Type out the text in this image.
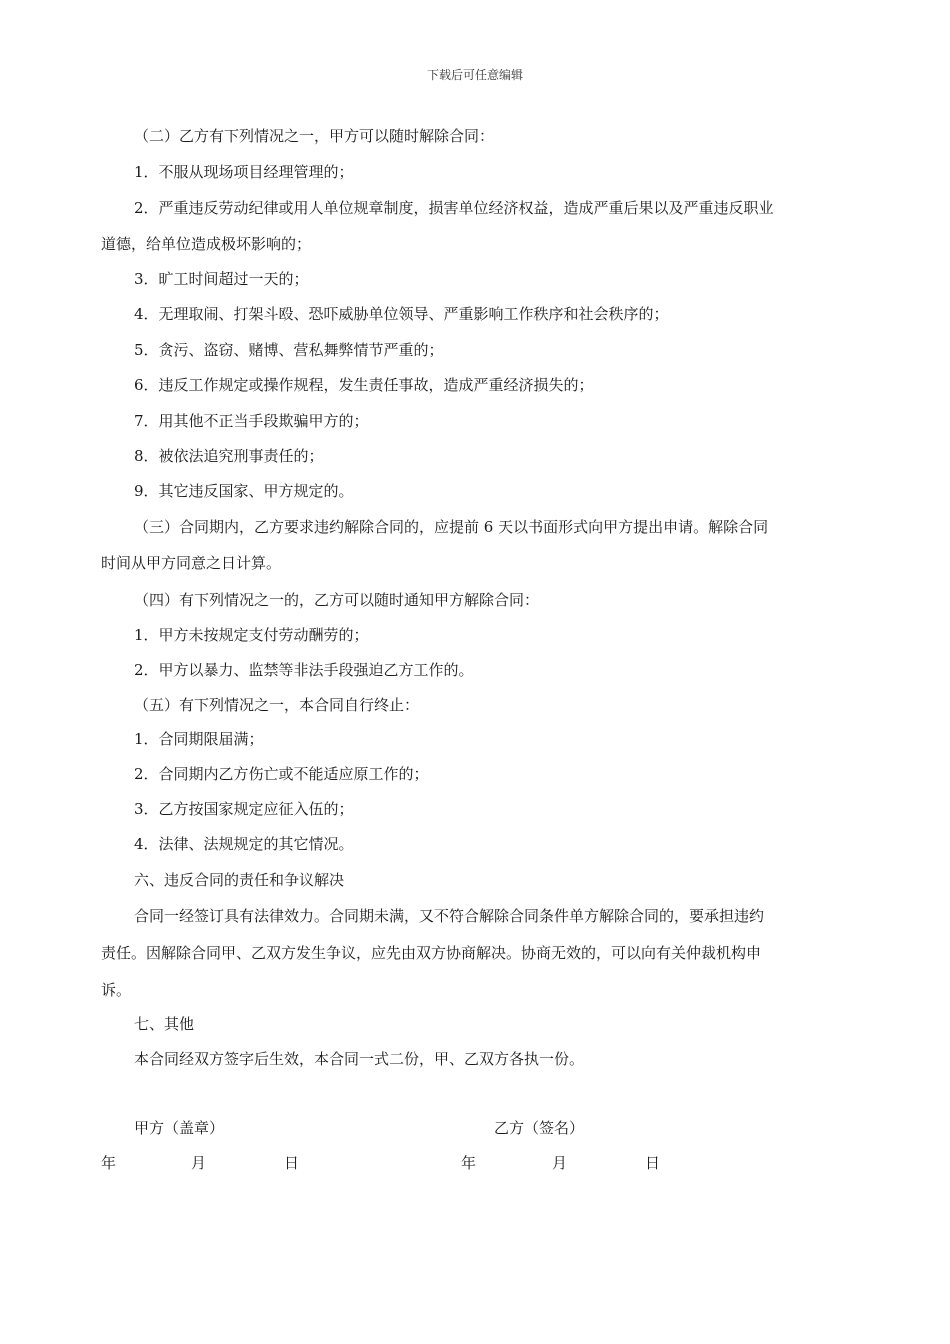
下载后可任意编辑
（二）乙方有下列情况之一，甲方可以随时解除合同：
1．不服从现场项目经理管理的；
2．严重违反劳动纪律或用人单位规章制度，损害单位经济权益，造成严重后果以及严重违反职业
道德，给单位造成极坏影响的；
3．旷工时间超过一天的；
4．无理取闹、打架斗殴、恐吓威胁单位领导、严重影响工作秩序和社会秩序的；
5．贪污、盗窃、赌博、营私舞弊情节严重的；
6．违反工作规定或操作规程，发生责任事故，造成严重经济损失的；
7．用其他不正当手段欺骗甲方的；
8．被依法追究刑事责任的；
9．其它违反国家、甲方规定的。
（三）合同期内，乙方要求违约解除合同的，应提前 6 天以书面形式向甲方提出申请。解除合同
时间从甲方同意之日计算。
（四）有下列情况之一的，乙方可以随时通知甲方解除合同：
1．甲方未按规定支付劳动酬劳的；
2．甲方以暴力、监禁等非法手段强迫乙方工作的。
（五）有下列情况之一，本合同自行终止：
1．合同期限届满；
2．合同期内乙方伤亡或不能适应原工作的；
3．乙方按国家规定应征入伍的；
4．法律、法规规定的其它情况。
六、违反合同的责任和争议解决
合同一经签订具有法律效力。合同期未满，又不符合解除合同条件单方解除合同的，要承担违约
责任。因解除合同甲、乙双方发生争议，应先由双方协商解决。协商无效的，可以向有关仲裁机构申
诉。
七、其他
本合同经双方签字后生效，本合同一式二份，甲、乙双方各执一份。
甲方（盖章）	乙方（签名）
年	月	日	年	月	日
